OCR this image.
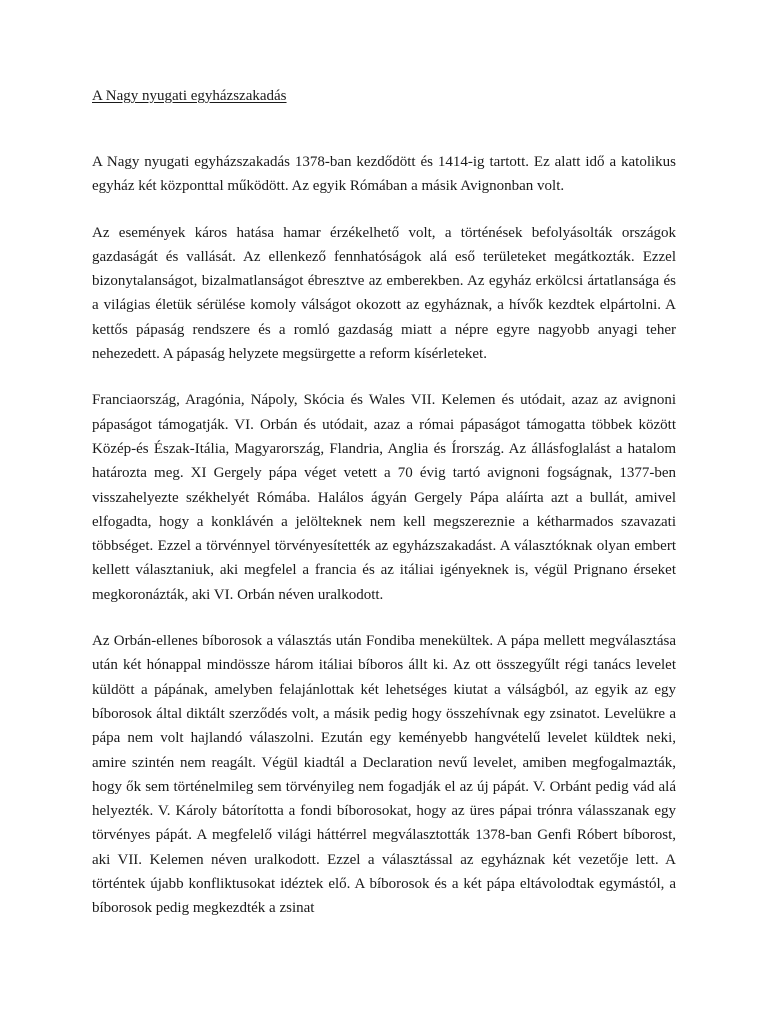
A Nagy nyugati egyházszakadás

A Nagy nyugati egyházszakadás 1378-ban kezdődött és 1414-ig tartott. Ez alatt idő a katolikus egyház két központtal működött. Az egyik Rómában a másik Avignonban volt.

Az események káros hatása hamar érzékelhető volt, a történések befolyásolták országok gazdaságát és vallását. Az ellenkező fennhatóságok alá eső területeket megátkozták. Ezzel bizonytalanságot, bizalmatlanságot ébresztve az emberekben. Az egyház erkölcsi ártatlansága és a világias életük sérülése komoly válságot okozott az egyháznak, a hívők kezdtek elpártolni. A kettős pápaság rendszere és a romló gazdaság miatt a népre egyre nagyobb anyagi teher nehezedett. A pápaság helyzete megsürgette a reform kísérleteket.

Franciaország, Aragónia, Nápoly, Skócia és Wales VII. Kelemen és utódait, azaz az avignoni pápaságot támogatják. VI. Orbán és utódait, azaz a római pápaságot támogatta többek között Közép-és Észak-Itália, Magyarország, Flandria, Anglia és Írország. Az állásfoglalást a hatalom határozta meg. XI Gergely pápa véget vetett a 70 évig tartó avignoni fogságnak, 1377-ben visszahelyezte székhelyét Rómába. Halálos ágyán Gergely Pápa aláírta azt a bullát, amivel elfogadta, hogy a konklávén a jelölteknek nem kell megszereznie a kétharmados szavazati többséget. Ezzel a törvénnyel törvényesítették az egyházszakadást. A választóknak olyan embert kellett választaniuk, aki megfelel a francia és az itáliai igényeknek is, végül Prignano érseket megkoronázták, aki VI. Orbán néven uralkodott.

Az Orbán-ellenes bíborosok a választás után Fondiba menekültek. A pápa mellett megválasztása után két hónappal mindössze három itáliai bíboros állt ki. Az ott összegyűlt régi tanács levelet küldött a pápának, amelyben felajánlottak két lehetséges kiutat a válságból, az egyik az egy bíborosok által diktált szerződés volt, a másik pedig hogy összehívnak egy zsinatot. Levelükre a pápa nem volt hajlandó válaszolni. Ezután egy keményebb hangvételű levelet küldtek neki, amire szintén nem reagált. Végül kiadtál a Declaration nevű levelet, amiben megfogalmazták, hogy ők sem történelmileg sem törvényileg nem fogadják el az új pápát. V. Orbánt pedig vád alá helyezték. V. Károly bátorította a fondi bíborosokat, hogy az üres pápai trónra válasszanak egy törvényes pápát. A megfelelő világi háttérrel megválasztották 1378-ban Genfi Róbert bíborost, aki VII. Kelemen néven uralkodott. Ezzel a választással az egyháznak két vezetője lett. A történtek újabb konfliktusokat idéztek elő. A bíborosok és a két pápa eltávolodtak egymástól, a bíborosok pedig megkezdték a zsinat
